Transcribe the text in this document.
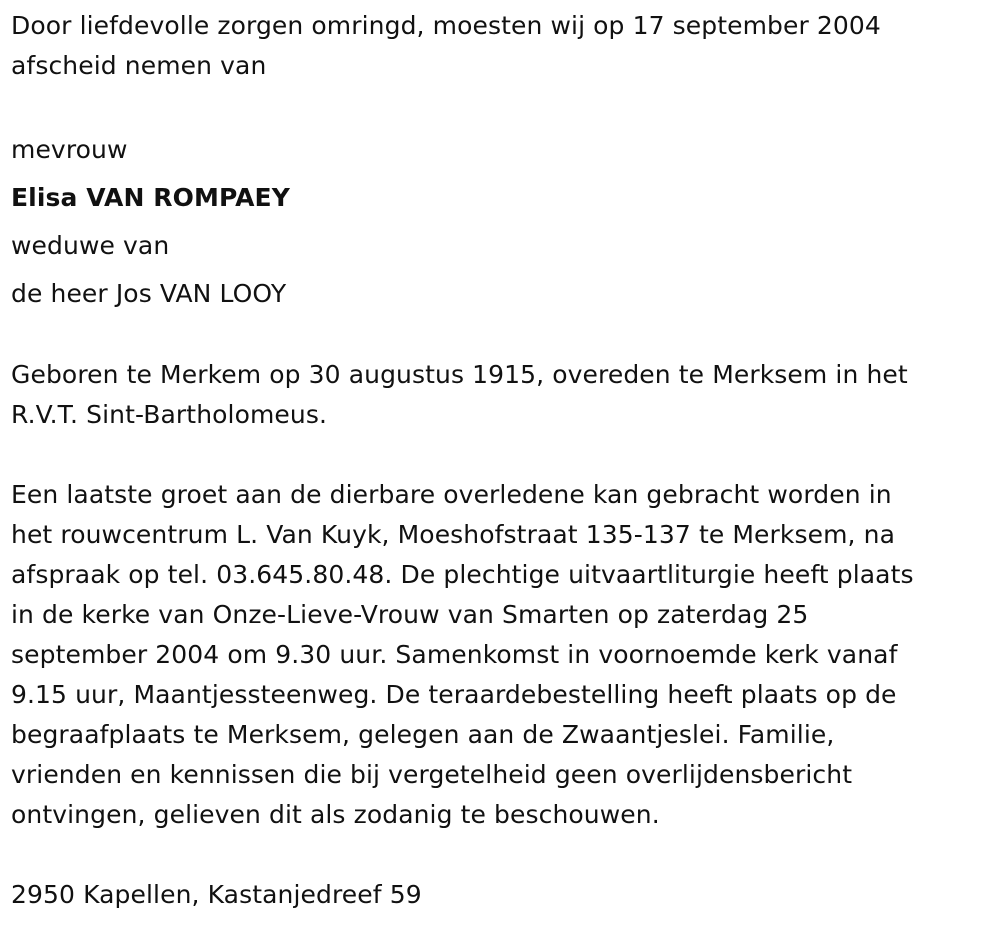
Door liefdevolle zorgen omringd, moesten wij op 17 september 2004

afscheid nemen van

mevrouw

Elisa VAN ROMPAEY

weduwe van

de heer Jos VAN LOOY

Geboren te Merkem op 30 augustus 1915, overeden te Merksem in het

R.V.T. Sint-Bartholomeus.

Een laatste groet aan de dierbare overledene kan gebracht worden in

het rouwcentrum L. Van Kuyk, Moeshofstraat 135-137 te Merksem, na

afspraak op tel. 03.645.80.48. De plechtige uitvaartliturgie heeft plaats

in de kerke van Onze-Lieve-Vrouw van Smarten op zaterdag 25

september 2004 om 9.30 uur. Samenkomst in voornoemde kerk vanaf

9.15 uur, Maantjessteenweg. De teraardebestelling heeft plaats op de

begraafplaats te Merksem, gelegen aan de Zwaantjeslei. Familie,

vrienden en kennissen die bij vergetelheid geen overlijdensbericht

ontvingen, gelieven dit als zodanig te beschouwen.

2950 Kapellen, Kastanjedreef 59
